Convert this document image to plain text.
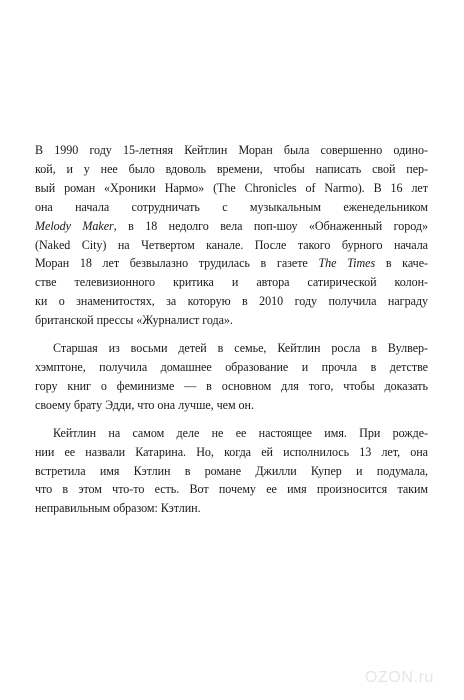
В 1990 году 15-летняя Кейтлин Моран была совершенно одино-
кой, и у нее было вдоволь времени, чтобы написать свой пер-
вый роман «Хроники Нармо» (The Chronicles of Narmo). В 16 лет
она начала сотрудничать с музыкальным еженедельником
Melody Maker, в 18 недолго вела поп-шоу «Обнаженный город»
(Naked City) на Четвертом канале. После такого бурного начала
Моран 18 лет безвылазно трудилась в газете The Times в каче-
стве телевизионного критика и автора сатирической колон-
ки о знаменитостях, за которую в 2010 году получила награду
британской прессы «Журналист года».
Старшая из восьми детей в семье, Кейтлин росла в Вулвер-
хэмптоне, получила домашнее образование и прочла в детстве
гору книг о феминизме — в основном для того, чтобы доказать
своему брату Эдди, что она лучше, чем он.
Кейтлин на самом деле не ее настоящее имя. При рожде-
нии ее назвали Катарина. Но, когда ей исполнилось 13 лет, она
встретила имя Кэтлин в романе Джилли Купер и подумала,
что в этом что-то есть. Вот почему ее имя произносится таким
неправильным образом: Кэтлин.
OZON.ru
